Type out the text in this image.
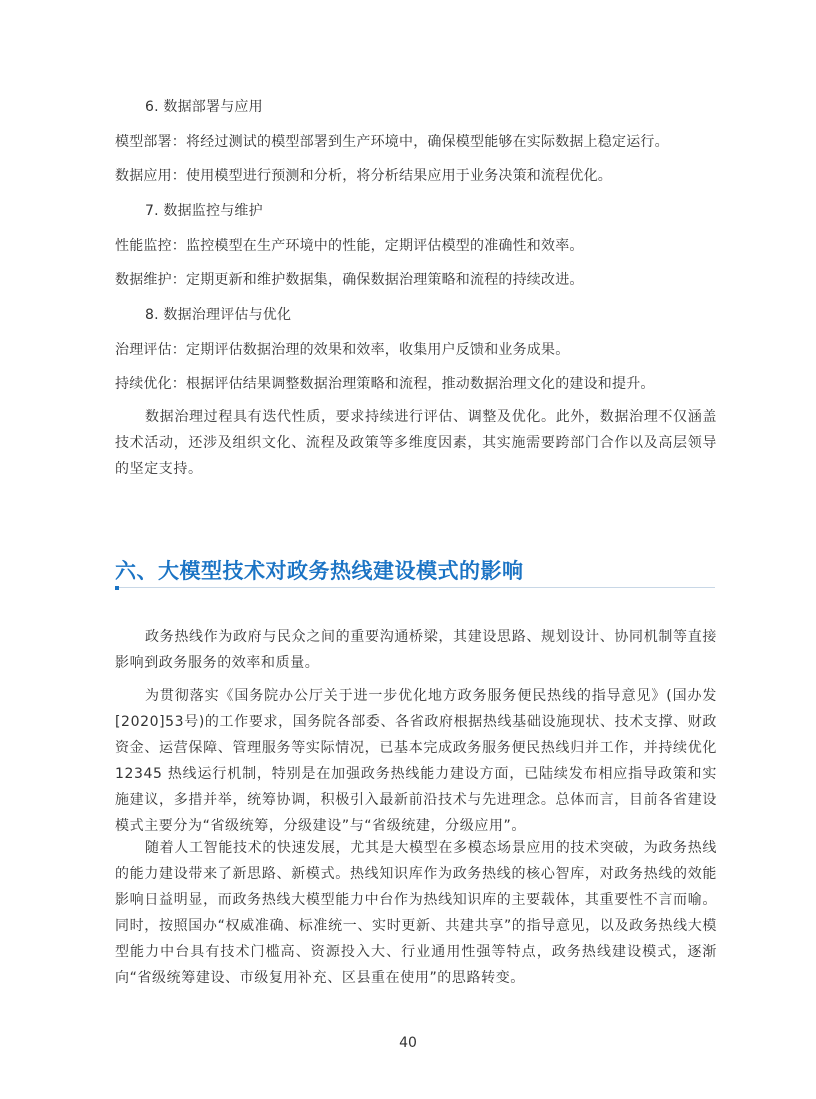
6. 数据部署与应用
模型部署：将经过测试的模型部署到生产环境中，确保模型能够在实际数据上稳定运行。
数据应用：使用模型进行预测和分析，将分析结果应用于业务决策和流程优化。
7. 数据监控与维护
性能监控：监控模型在生产环境中的性能，定期评估模型的准确性和效率。
数据维护：定期更新和维护数据集，确保数据治理策略和流程的持续改进。
8. 数据治理评估与优化
治理评估：定期评估数据治理的效果和效率，收集用户反馈和业务成果。
持续优化：根据评估结果调整数据治理策略和流程，推动数据治理文化的建设和提升。

数据治理过程具有迭代性质，要求持续进行评估、调整及优化。此外，数据治理不仅涵盖技术活动，还涉及组织文化、流程及政策等多维度因素，其实施需要跨部门合作以及高层领导的坚定支持。

六、大模型技术对政务热线建设模式的影响

政务热线作为政府与民众之间的重要沟通桥梁，其建设思路、规划设计、协同机制等直接影响到政务服务的效率和质量。

为贯彻落实《国务院办公厅关于进一步优化地方政务服务便民热线的指导意见》(国办发[2020]53号)的工作要求，国务院各部委、各省政府根据热线基础设施现状、技术支撑、财政资金、运营保障、管理服务等实际情况，已基本完成政务服务便民热线归并工作，并持续优化 12345 热线运行机制，特别是在加强政务热线能力建设方面，已陆续发布相应指导政策和实施建议，多措并举，统筹协调，积极引入最新前沿技术与先进理念。总体而言，目前各省建设模式主要分为“省级统筹，分级建设”与“省级统建，分级应用”。

随着人工智能技术的快速发展，尤其是大模型在多模态场景应用的技术突破，为政务热线的能力建设带来了新思路、新模式。热线知识库作为政务热线的核心智库，对政务热线的效能影响日益明显，而政务热线大模型能力中台作为热线知识库的主要载体，其重要性不言而喻。同时，按照国办“权威准确、标准统一、实时更新、共建共享”的指导意见，以及政务热线大模型能力中台具有技术门槛高、资源投入大、行业通用性强等特点，政务热线建设模式，逐渐向“省级统筹建设、市级复用补充、区县重在使用”的思路转变。

40
